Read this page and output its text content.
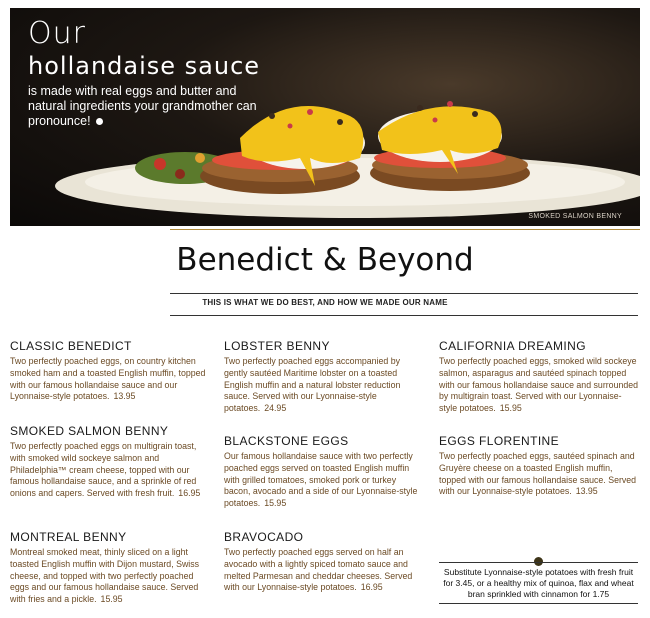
Our
hollandaise sauce
is made with real eggs and butter and natural ingredients your grandmother can pronounce!
SMOKED SALMON BENNY
Benedict & Beyond
THIS IS WHAT WE DO BEST, AND HOW WE MADE OUR NAME
CLASSIC BENEDICT
Two perfectly poached eggs, on country kitchen smoked ham and a toasted English muffin, topped with our famous hollandaise sauce and our Lyonnaise-style potatoes. 13.95
SMOKED SALMON BENNY
Two perfectly poached eggs on multigrain toast, with smoked wild sockeye salmon and Philadelphia™ cream cheese, topped with our famous hollandaise sauce, and a sprinkle of red onions and capers. Served with fresh fruit. 16.95
MONTREAL BENNY
Montreal smoked meat, thinly sliced on a light toasted English muffin with Dijon mustard, Swiss cheese, and topped with two perfectly poached eggs and our famous hollandaise sauce. Served with fries and a pickle. 15.95
LOBSTER BENNY
Two perfectly poached eggs accompanied by gently sautéed Maritime lobster on a toasted English muffin and a natural lobster reduction sauce. Served with our Lyonnaise-style potatoes. 24.95
BLACKSTONE EGGS
Our famous hollandaise sauce with two perfectly poached eggs served on toasted English muffin with grilled tomatoes, smoked pork or turkey bacon, avocado and a side of our Lyonnaise-style potatoes. 15.95
BRAVOCADO
Two perfectly poached eggs served on half an avocado with a lightly spiced tomato sauce and melted Parmesan and cheddar cheeses. Served with our Lyonnaise-style potatoes. 16.95
CALIFORNIA DREAMING
Two perfectly poached eggs, smoked wild sockeye salmon, asparagus and sautéed spinach topped with our famous hollandaise sauce and surrounded by multigrain toast. Served with our Lyonnaise-style potatoes. 15.95
EGGS FLORENTINE
Two perfectly poached eggs, sautéed spinach and Gruyère cheese on a toasted English muffin, topped with our famous hollandaise sauce. Served with our Lyonnaise-style potatoes. 13.95
Substitute Lyonnaise-style potatoes with fresh fruit for 3.45, or a healthy mix of quinoa, flax and wheat bran sprinkled with cinnamon for 1.75
